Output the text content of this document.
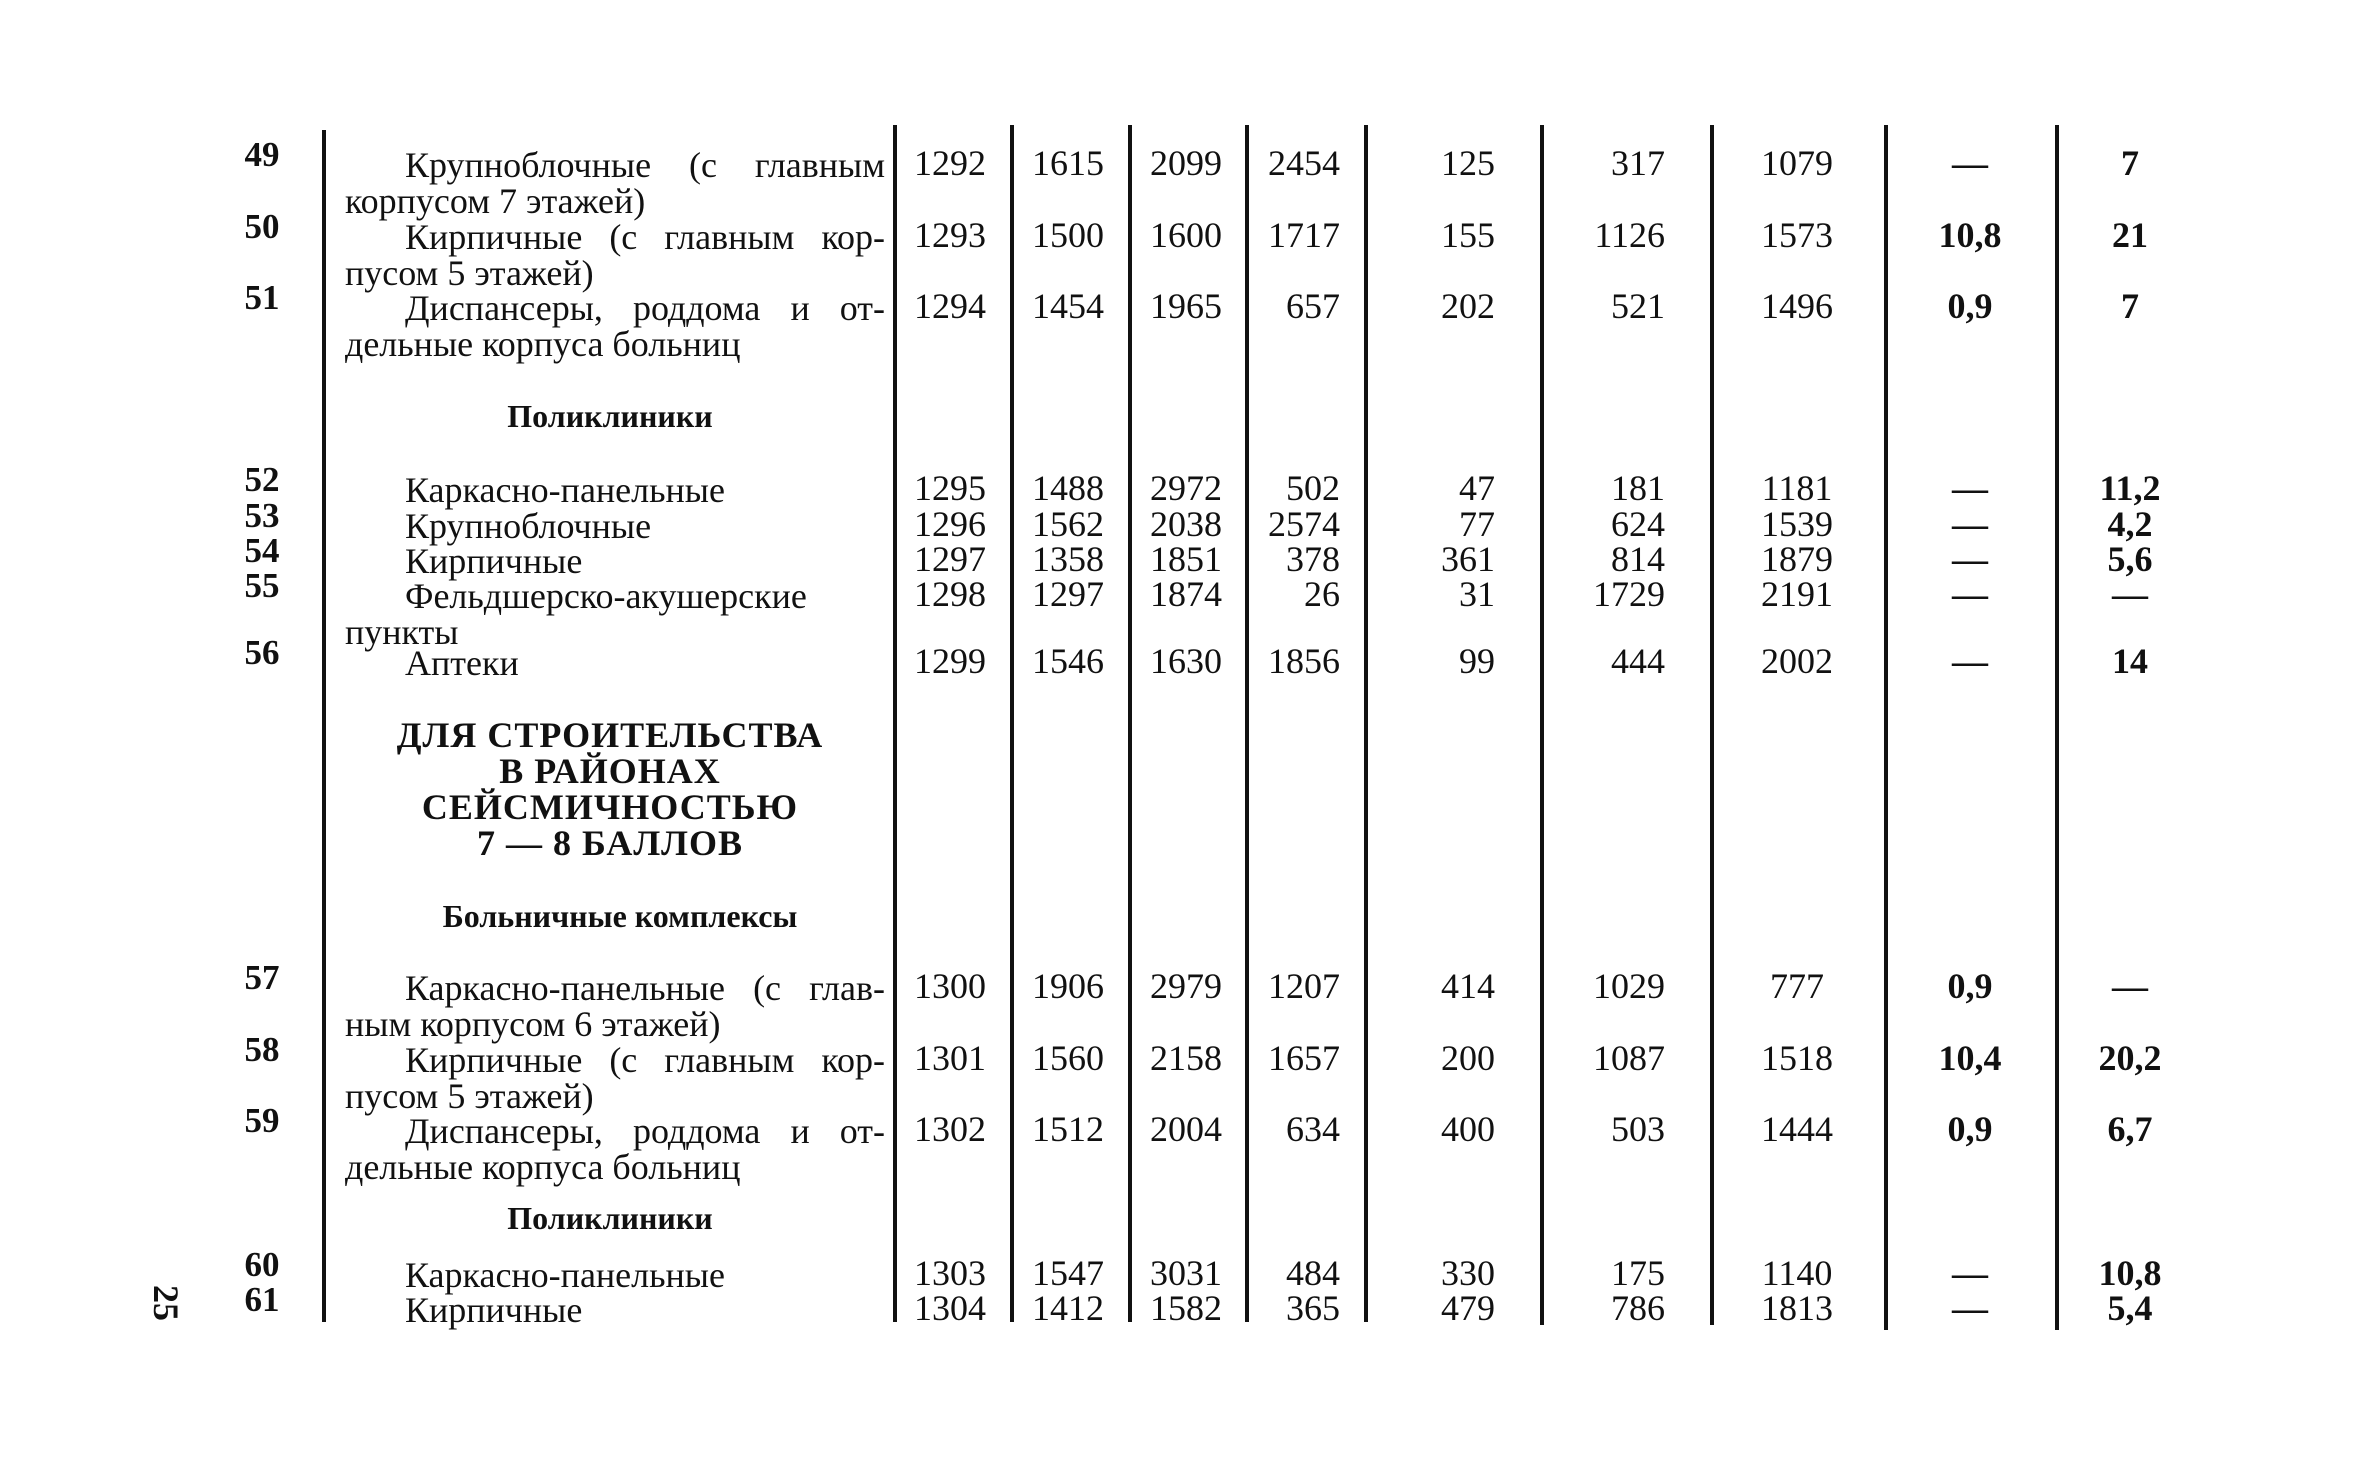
25
49	Крупноблочные (с главным
корпусом 7 этажей)
1292	1615	2099	2454	125	317	1079	—	7
50	Кирпичные (с главным кор-
пусом 5 этажей)
1293	1500	1600	1717	155	1126	1573	10,8	21
51	Диспансеры, роддома и от-
дельные корпуса больниц
1294	1454	1965	657	202	521	1496	0,9	7
Поликлиники
52	Каркасно-панельные	1295	1488	2972	502	47	181	1181	—	11,2
53	Крупноблочные	1296	1562	2038	2574	77	624	1539	—	4,2
54	Кирпичные	1297	1358	1851	378	361	814	1879	—	5,6
55	Фельдшерско-акушерские
пункты
1298	1297	1874	26	31	1729	2191	—	—
56	Аптеки	1299	1546	1630	1856	99	444	2002	—	14
ДЛЯ СТРОИТЕЛЬСТВА
В РАЙОНАХ
СЕЙСМИЧНОСТЬЮ
7 — 8 БАЛЛОВ
Больничные комплексы
57	Каркасно-панельные (с глав-
ным корпусом 6 этажей)
1300	1906	2979	1207	414	1029	777	0,9	—
58	Кирпичные (с главным кор-
пусом 5 этажей)
1301	1560	2158	1657	200	1087	1518	10,4	20,2
59	Диспансеры, роддома и от-
дельные корпуса больниц
1302	1512	2004	634	400	503	1444	0,9	6,7
Поликлиники
60	Каркасно-панельные	1303	1547	3031	484	330	175	1140	—	10,8
61	Кирпичные	1304	1412	1582	365	479	786	1813	—	5,4
